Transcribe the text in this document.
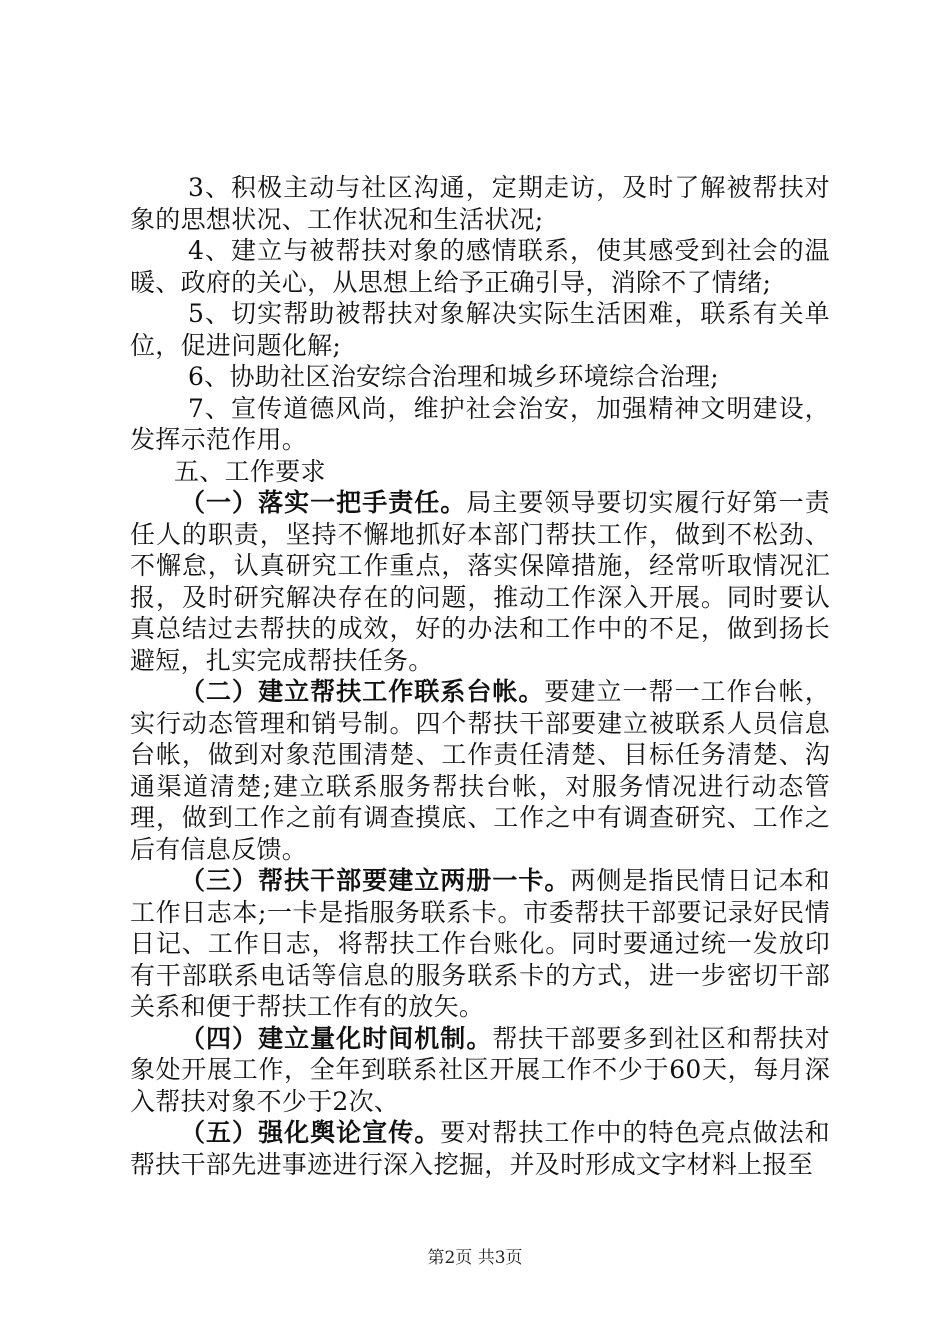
3、积极主动与社区沟通，定期走访，及时了解被帮扶对象的思想状况、工作状况和生活状况;

4、建立与被帮扶对象的感情联系，使其感受到社会的温暖、政府的关心，从思想上给予正确引导，消除不了情绪;

5、切实帮助被帮扶对象解决实际生活困难，联系有关单位，促进问题化解;

6、协助社区治安综合治理和城乡环境综合治理;

7、宣传道德风尚，维护社会治安，加强精神文明建设，发挥示范作用。

五、工作要求

（一）落实一把手责任。局主要领导要切实履行好第一责任人的职责，坚持不懈地抓好本部门帮扶工作，做到不松劲、不懈怠，认真研究工作重点，落实保障措施，经常听取情况汇报，及时研究解决存在的问题，推动工作深入开展。同时要认真总结过去帮扶的成效，好的办法和工作中的不足，做到扬长避短，扎实完成帮扶任务。

（二）建立帮扶工作联系台帐。要建立一帮一工作台帐，实行动态管理和销号制。四个帮扶干部要建立被联系人员信息台帐，做到对象范围清楚、工作责任清楚、目标任务清楚、沟通渠道清楚;建立联系服务帮扶台帐，对服务情况进行动态管理，做到工作之前有调查摸底、工作之中有调查研究、工作之后有信息反馈。

（三）帮扶干部要建立两册一卡。两侧是指民情日记本和工作日志本;一卡是指服务联系卡。市委帮扶干部要记录好民情日记、工作日志，将帮扶工作台账化。同时要通过统一发放印有干部联系电话等信息的服务联系卡的方式，进一步密切干部关系和便于帮扶工作有的放矢。

（四）建立量化时间机制。帮扶干部要多到社区和帮扶对象处开展工作，全年到联系社区开展工作不少于60天，每月深入帮扶对象不少于2次、

（五）强化舆论宣传。要对帮扶工作中的特色亮点做法和帮扶干部先进事迹进行深入挖掘，并及时形成文字材料上报至

第2页 共3页
